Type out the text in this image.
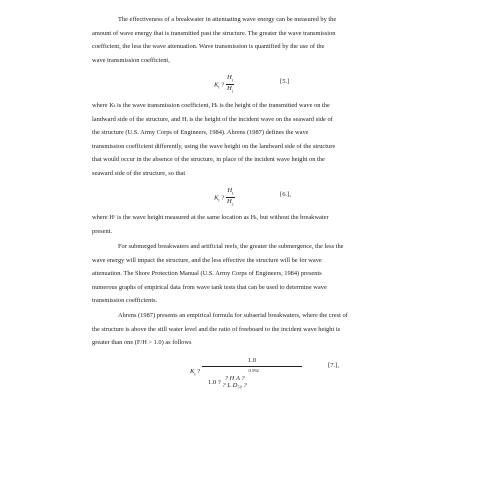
The effectiveness of a breakwater in attenuating wave energy can be measured by the
amount of wave energy that is transmitted past the structure. The greater the wave transmission
coefficient, the less the wave attenuation. Wave transmission is quantified by the use of the
wave transmission coefficient,
$K_t$ ? $\frac{H_t}{H_i}$	[5.]
where Kₜ is the wave transmission coefficient, Hₜ is the height of the transmitted wave on the
landward side of the structure, and Hᵢ is the height of the incident wave on the seaward side of
the structure (U.S. Army Corps of Engineers, 1984). Ahrens (1987) defines the wave
transmission coefficient differently, using the wave height on the landward side of the structure
that would occur in the absence of the structure, in place of the incident wave height on the
seaward side of the structure, so that
$K_t$ ? $\frac{H_t}{H_c}$	[6.],
where Hᶜ is the wave height measured at the same location as Hₜ, but without the breakwater
present.
For submerged breakwaters and artificial reefs, the greater the submergence, the less the
wave energy will impact the structure, and the less effective the structure will be for wave
attenuation. The Shore Protection Manual (U.S. Army Corps of Engineers, 1984) presents
numerous graphs of empirical data from wave tank tests that can be used to determine wave
transmission coefficients.
Ahrens (1987) presents an empirical formula for subaerial breakwaters, where the crest of
the structure is above the still water level and the ratio of freeboard to the incident wave height is
greater than one (F/H > 1.0) as follows
$K_t$ ?
1.0
1.0 ? ? H A ?
? L D₅₀ ?
$^{0.592}$
[7.],
